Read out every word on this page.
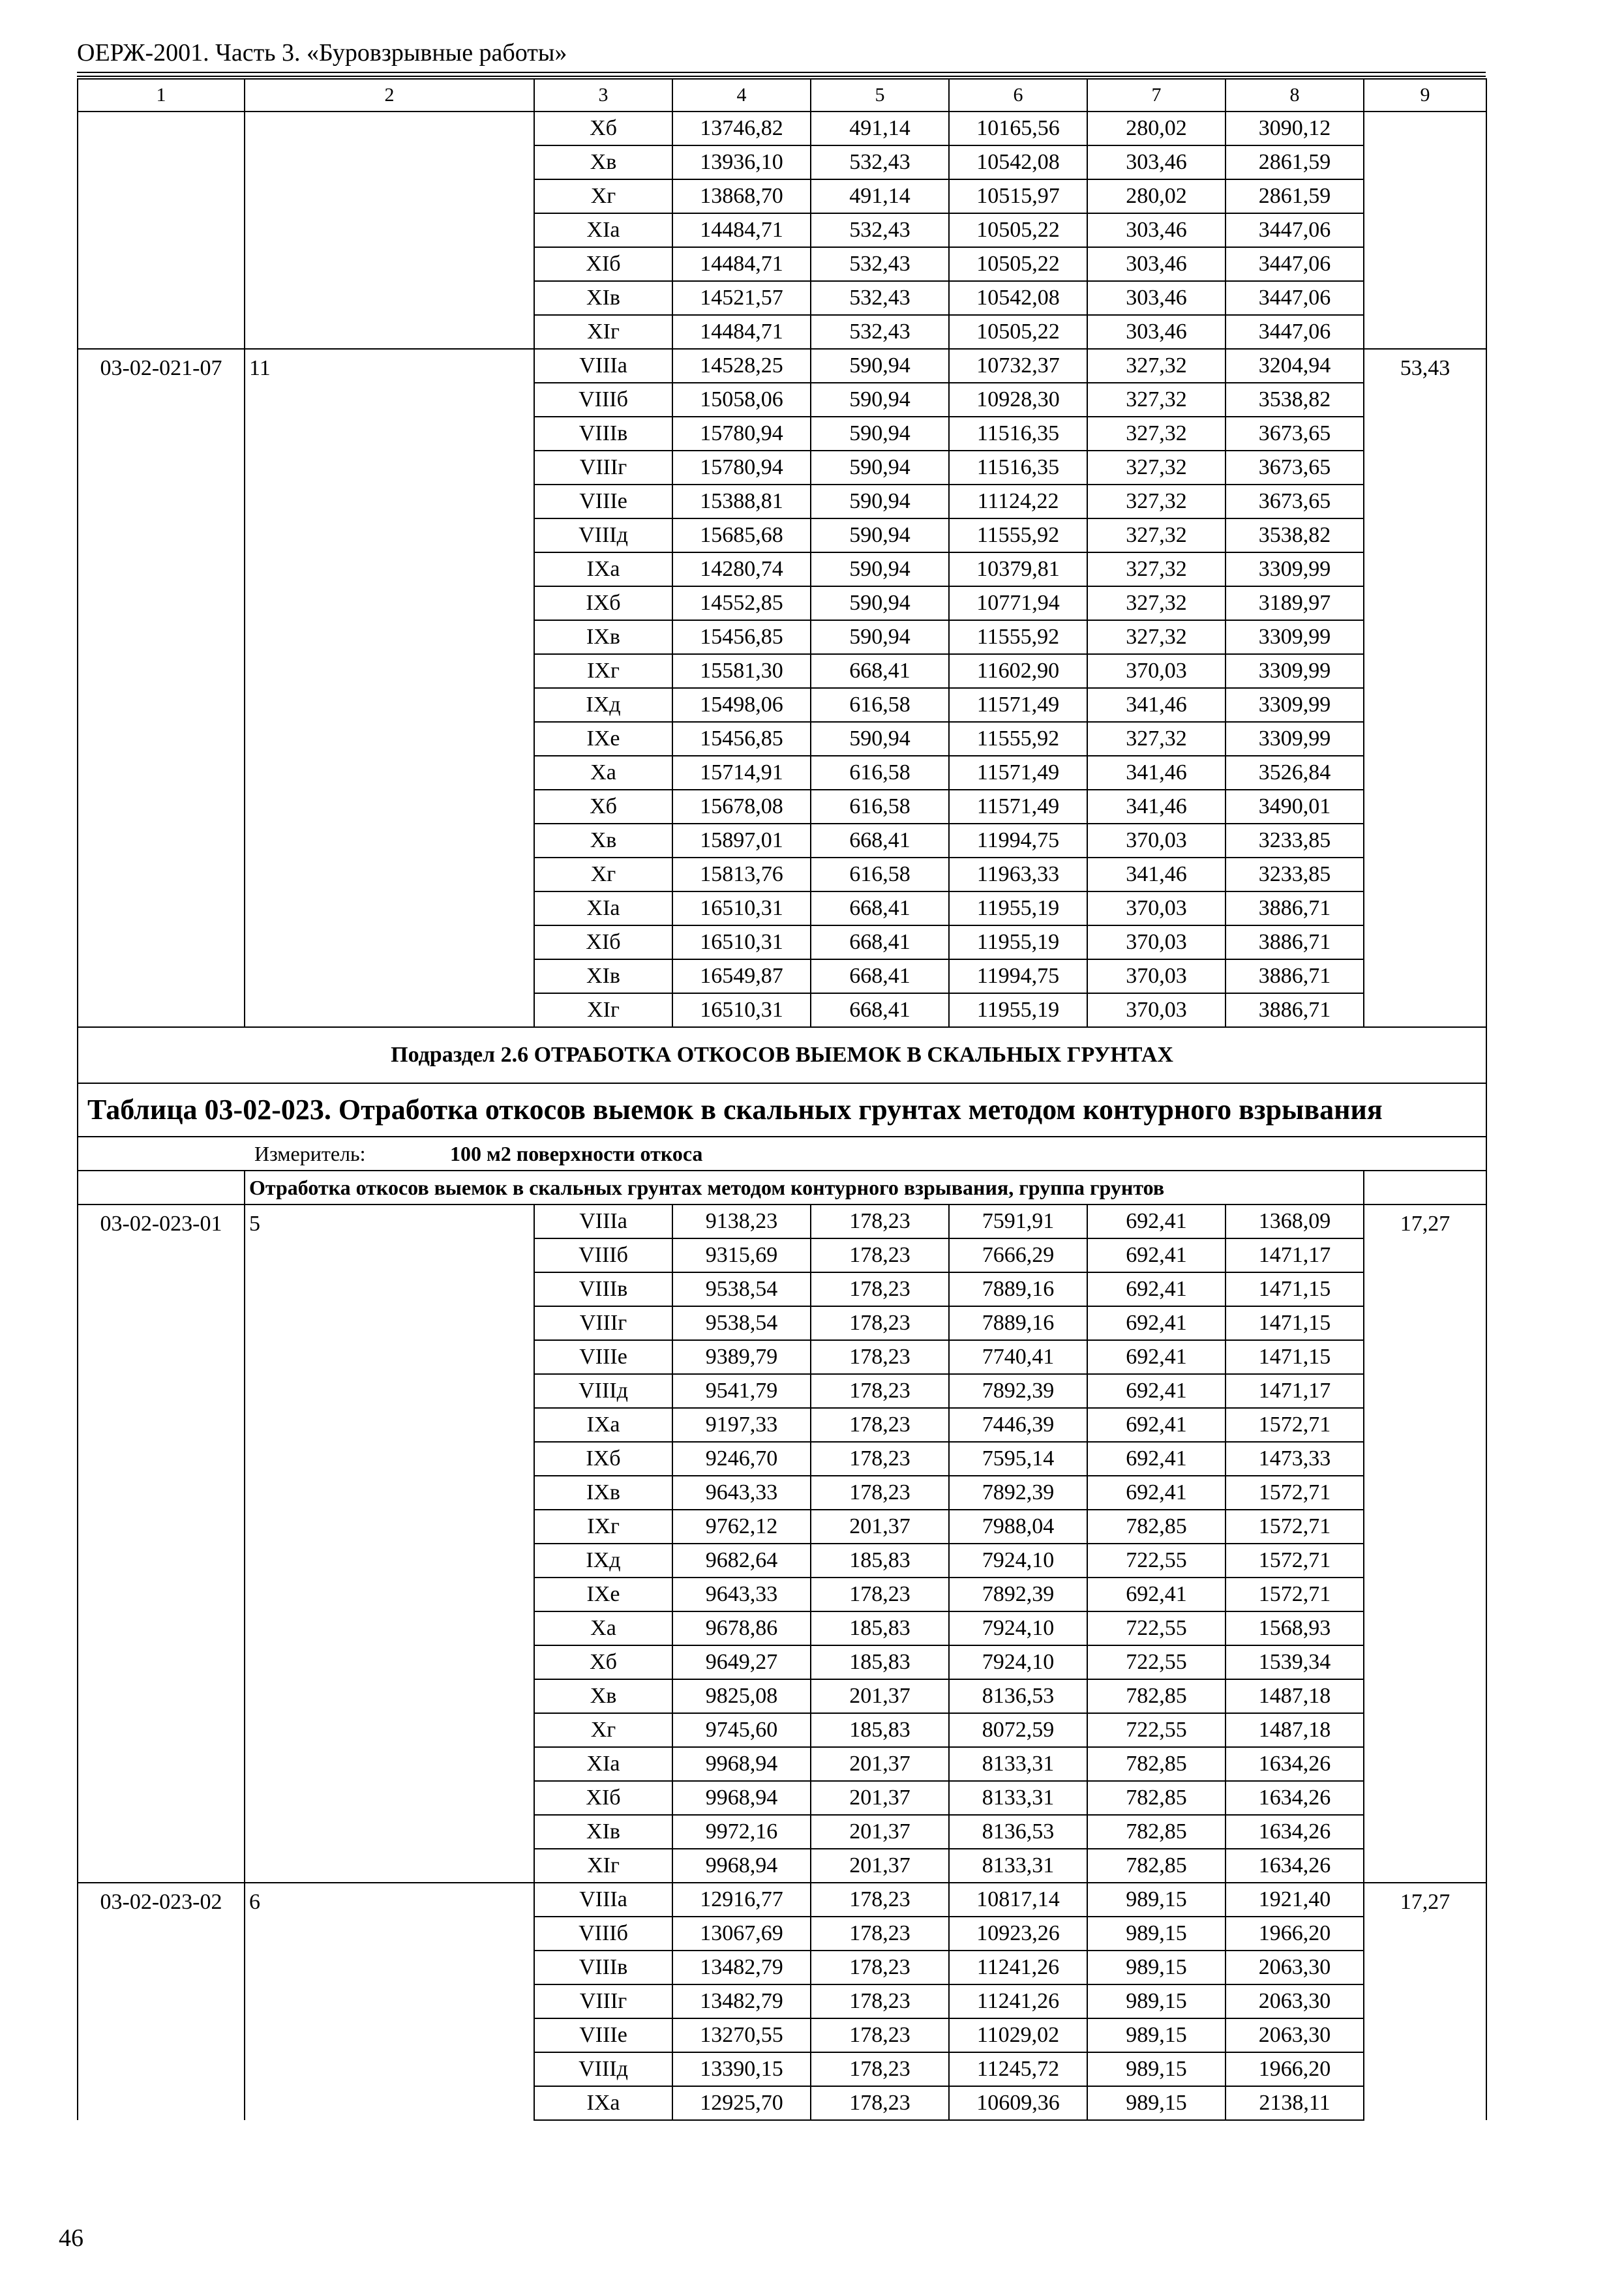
ОЕРЖ-2001. Часть 3. «Буровзрывные работы»
1	2	3	4	5	6	7	8	9
		Хб	13746,82	491,14	10165,56	280,02	3090,12	
		Хв	13936,10	532,43	10542,08	303,46	2861,59	
		Хг	13868,70	491,14	10515,97	280,02	2861,59	
		ХIа	14484,71	532,43	10505,22	303,46	3447,06	
		ХIб	14484,71	532,43	10505,22	303,46	3447,06	
		ХIв	14521,57	532,43	10542,08	303,46	3447,06	
		ХIг	14484,71	532,43	10505,22	303,46	3447,06	
03-02-021-07	11	VIIIа	14528,25	590,94	10732,37	327,32	3204,94	53,43
		VIIIб	15058,06	590,94	10928,30	327,32	3538,82	
		VIIIв	15780,94	590,94	11516,35	327,32	3673,65	
		VIIIг	15780,94	590,94	11516,35	327,32	3673,65	
		VIIIе	15388,81	590,94	11124,22	327,32	3673,65	
		VIIIд	15685,68	590,94	11555,92	327,32	3538,82	
		IXа	14280,74	590,94	10379,81	327,32	3309,99	
		IXб	14552,85	590,94	10771,94	327,32	3189,97	
		IXв	15456,85	590,94	11555,92	327,32	3309,99	
		IXг	15581,30	668,41	11602,90	370,03	3309,99	
		IXд	15498,06	616,58	11571,49	341,46	3309,99	
		IXе	15456,85	590,94	11555,92	327,32	3309,99	
		Ха	15714,91	616,58	11571,49	341,46	3526,84	
		Хб	15678,08	616,58	11571,49	341,46	3490,01	
		Хв	15897,01	668,41	11994,75	370,03	3233,85	
		Хг	15813,76	616,58	11963,33	341,46	3233,85	
		ХIа	16510,31	668,41	11955,19	370,03	3886,71	
		ХIб	16510,31	668,41	11955,19	370,03	3886,71	
		ХIв	16549,87	668,41	11994,75	370,03	3886,71	
		ХIг	16510,31	668,41	11955,19	370,03	3886,71	
Подраздел 2.6 ОТРАБОТКА ОТКОСОВ ВЫЕМОК В СКАЛЬНЫХ ГРУНТАХ								
Таблица 03-02-023. Отработка откосов выемок в скальных грунтах методом контурного взрывания								
Измеритель: 100 м2 поверхности откоса								
	Отработка откосов выемок в скальных грунтах методом контурного взрывания, группа грунтов							
03-02-023-01	5	VIIIа	9138,23	178,23	7591,91	692,41	1368,09	17,27
		VIIIб	9315,69	178,23	7666,29	692,41	1471,17	
		VIIIв	9538,54	178,23	7889,16	692,41	1471,15	
		VIIIг	9538,54	178,23	7889,16	692,41	1471,15	
		VIIIе	9389,79	178,23	7740,41	692,41	1471,15	
		VIIIд	9541,79	178,23	7892,39	692,41	1471,17	
		IXа	9197,33	178,23	7446,39	692,41	1572,71	
		IXб	9246,70	178,23	7595,14	692,41	1473,33	
		IXв	9643,33	178,23	7892,39	692,41	1572,71	
		IXг	9762,12	201,37	7988,04	782,85	1572,71	
		IXд	9682,64	185,83	7924,10	722,55	1572,71	
		IXе	9643,33	178,23	7892,39	692,41	1572,71	
		Ха	9678,86	185,83	7924,10	722,55	1568,93	
		Хб	9649,27	185,83	7924,10	722,55	1539,34	
		Хв	9825,08	201,37	8136,53	782,85	1487,18	
		Хг	9745,60	185,83	8072,59	722,55	1487,18	
		ХIа	9968,94	201,37	8133,31	782,85	1634,26	
		ХIб	9968,94	201,37	8133,31	782,85	1634,26	
		ХIв	9972,16	201,37	8136,53	782,85	1634,26	
		ХIг	9968,94	201,37	8133,31	782,85	1634,26	
03-02-023-02	6	VIIIа	12916,77	178,23	10817,14	989,15	1921,40	17,27
		VIIIб	13067,69	178,23	10923,26	989,15	1966,20	
		VIIIв	13482,79	178,23	11241,26	989,15	2063,30	
		VIIIг	13482,79	178,23	11241,26	989,15	2063,30	
		VIIIе	13270,55	178,23	11029,02	989,15	2063,30	
		VIIIд	13390,15	178,23	11245,72	989,15	1966,20	
		IXа	12925,70	178,23	10609,36	989,15	2138,11	
46
